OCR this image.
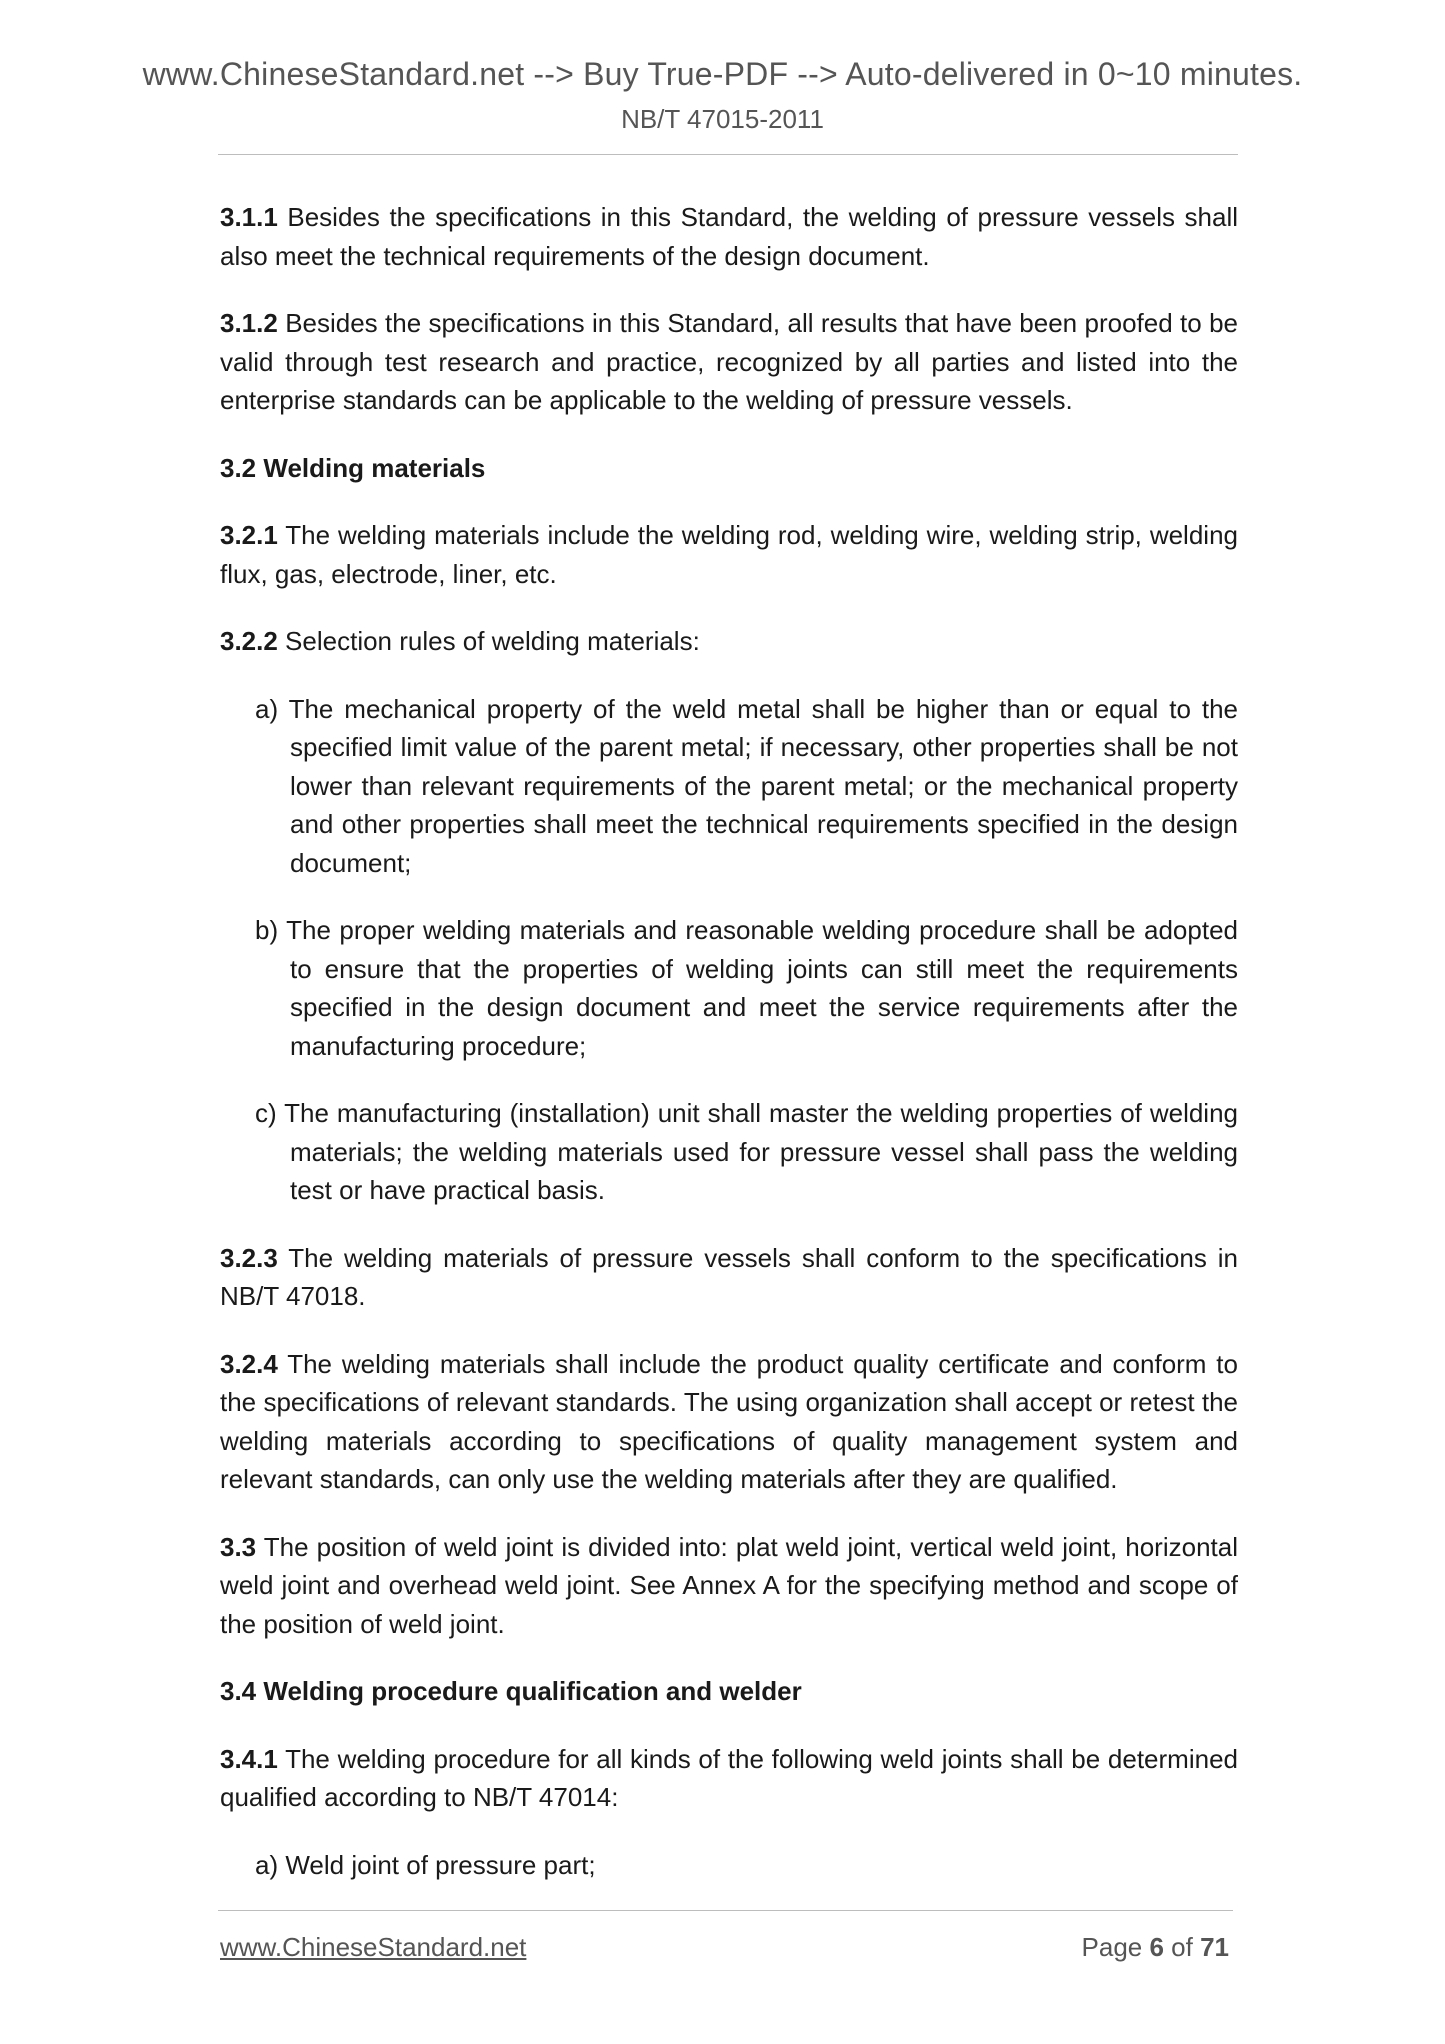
www.ChineseStandard.net --> Buy True-PDF --> Auto-delivered in 0~10 minutes.
NB/T 47015-2011

3.1.1 Besides the specifications in this Standard, the welding of pressure vessels shall also meet the technical requirements of the design document.

3.1.2 Besides the specifications in this Standard, all results that have been proofed to be valid through test research and practice, recognized by all parties and listed into the enterprise standards can be applicable to the welding of pressure vessels.

3.2 Welding materials

3.2.1 The welding materials include the welding rod, welding wire, welding strip, welding flux, gas, electrode, liner, etc.

3.2.2 Selection rules of welding materials:

a) The mechanical property of the weld metal shall be higher than or equal to the specified limit value of the parent metal; if necessary, other properties shall be not lower than relevant requirements of the parent metal; or the mechanical property and other properties shall meet the technical requirements specified in the design document;

b) The proper welding materials and reasonable welding procedure shall be adopted to ensure that the properties of welding joints can still meet the requirements specified in the design document and meet the service requirements after the manufacturing procedure;

c) The manufacturing (installation) unit shall master the welding properties of welding materials; the welding materials used for pressure vessel shall pass the welding test or have practical basis.

3.2.3 The welding materials of pressure vessels shall conform to the specifications in NB/T 47018.

3.2.4 The welding materials shall include the product quality certificate and conform to the specifications of relevant standards. The using organization shall accept or retest the welding materials according to specifications of quality management system and relevant standards, can only use the welding materials after they are qualified.

3.3 The position of weld joint is divided into: plat weld joint, vertical weld joint, horizontal weld joint and overhead weld joint. See Annex A for the specifying method and scope of the position of weld joint.

3.4 Welding procedure qualification and welder

3.4.1 The welding procedure for all kinds of the following weld joints shall be determined qualified according to NB/T 47014:

a) Weld joint of pressure part;

www.ChineseStandard.net	Page 6 of 71
